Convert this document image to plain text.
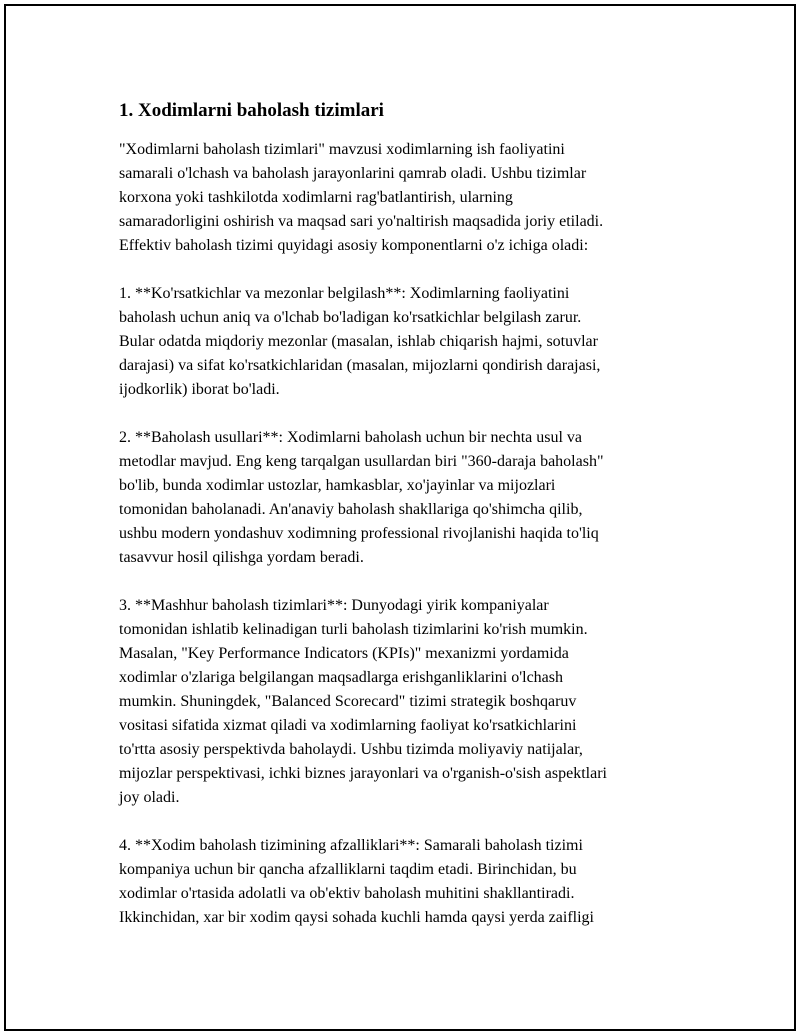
1. Xodimlarni baholash tizimlari
"Xodimlarni baholash tizimlari" mavzusi xodimlarning ish faoliyatini
samarali o'lchash va baholash jarayonlarini qamrab oladi. Ushbu tizimlar
korxona yoki tashkilotda xodimlarni rag'batlantirish, ularning
samaradorligini oshirish va maqsad sari yo'naltirish maqsadida joriy etiladi.
Effektiv baholash tizimi quyidagi asosiy komponentlarni o'z ichiga oladi:
1. **Ko'rsatkichlar va mezonlar belgilash**: Xodimlarning faoliyatini
baholash uchun aniq va o'lchab bo'ladigan ko'rsatkichlar belgilash zarur.
Bular odatda miqdoriy mezonlar (masalan, ishlab chiqarish hajmi, sotuvlar
darajasi) va sifat ko'rsatkichlaridan (masalan, mijozlarni qondirish darajasi,
ijodkorlik) iborat bo'ladi.
2. **Baholash usullari**: Xodimlarni baholash uchun bir nechta usul va
metodlar mavjud. Eng keng tarqalgan usullardan biri "360-daraja baholash"
bo'lib, bunda xodimlar ustozlar, hamkasblar, xo'jayinlar va mijozlari
tomonidan baholanadi. An'anaviy baholash shakllariga qo'shimcha qilib,
ushbu modern yondashuv xodimning professional rivojlanishi haqida to'liq
tasavvur hosil qilishga yordam beradi.
3. **Mashhur baholash tizimlari**: Dunyodagi yirik kompaniyalar
tomonidan ishlatib kelinadigan turli baholash tizimlarini ko'rish mumkin.
Masalan, "Key Performance Indicators (KPIs)" mexanizmi yordamida
xodimlar o'zlariga belgilangan maqsadlarga erishganliklarini o'lchash
mumkin. Shuningdek, "Balanced Scorecard" tizimi strategik boshqaruv
vositasi sifatida xizmat qiladi va xodimlarning faoliyat ko'rsatkichlarini
to'rtta asosiy perspektivda baholaydi. Ushbu tizimda moliyaviy natijalar,
mijozlar perspektivasi, ichki biznes jarayonlari va o'rganish-o'sish aspektlari
joy oladi.
4. **Xodim baholash tizimining afzalliklari**: Samarali baholash tizimi
kompaniya uchun bir qancha afzalliklarni taqdim etadi. Birinchidan, bu
xodimlar o'rtasida adolatli va ob'ektiv baholash muhitini shakllantiradi.
Ikkinchidan, xar bir xodim qaysi sohada kuchli hamda qaysi yerda zaifligi
